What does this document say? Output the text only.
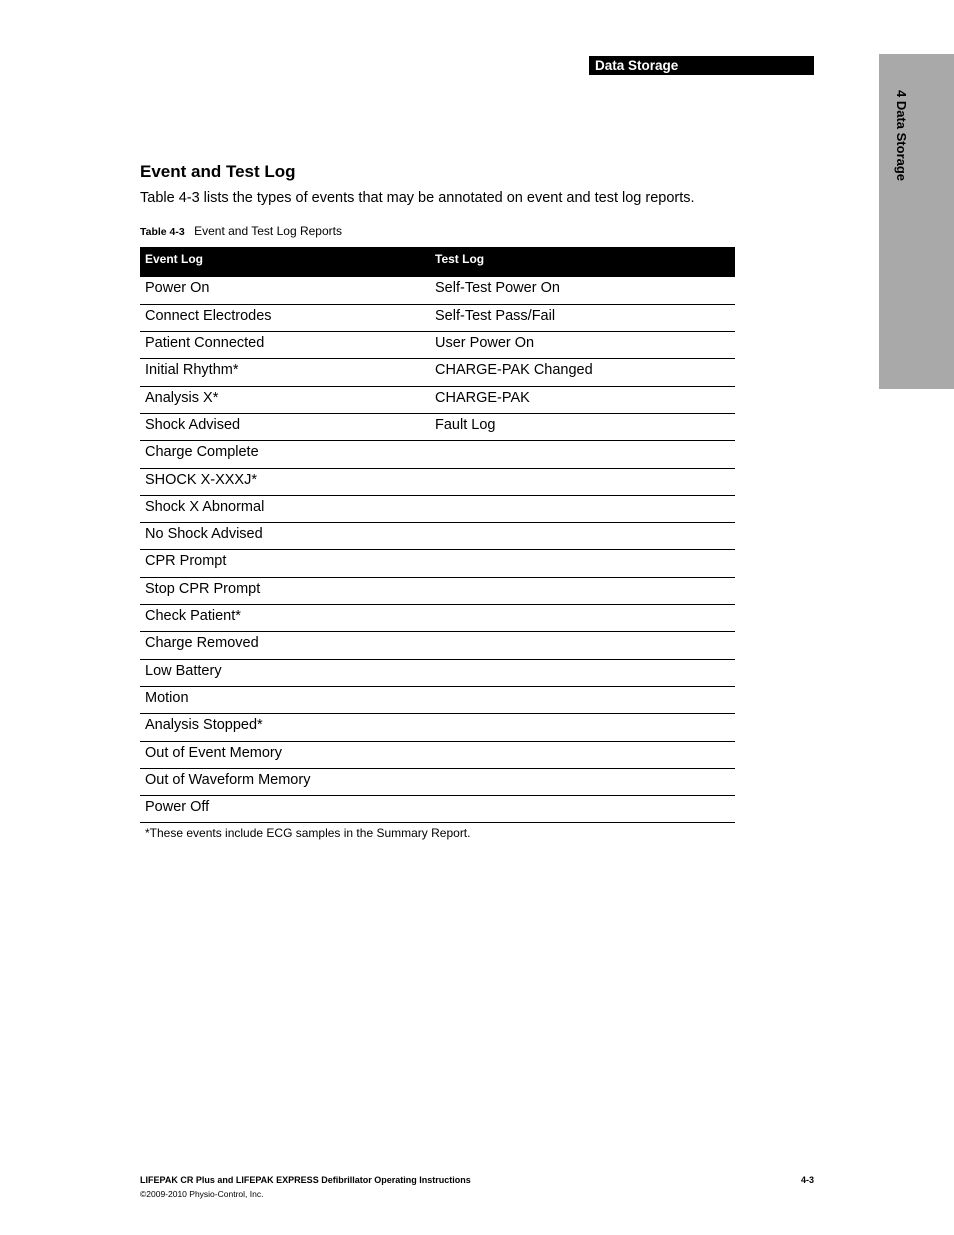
Data Storage
4 Data Storage
Event and Test Log
Table 4-3 lists the types of events that may be annotated on event and test log reports.
Table 4-3 Event and Test Log Reports
Event Log	Test Log
Power On	Self-Test Power On
Connect Electrodes	Self-Test Pass/Fail
Patient Connected	User Power On
Initial Rhythm*	CHARGE-PAK Changed
Analysis X*	CHARGE-PAK
Shock Advised	Fault Log
Charge Complete	
SHOCK X-XXXJ*	
Shock X Abnormal	
No Shock Advised	
CPR Prompt	
Stop CPR Prompt	
Check Patient*	
Charge Removed	
Low Battery	
Motion	
Analysis Stopped*	
Out of Event Memory	
Out of Waveform Memory	
Power Off	
*These events include ECG samples in the Summary Report.
LIFEPAK CR Plus and LIFEPAK EXPRESS Defibrillator Operating Instructions
©2009-2010 Physio-Control, Inc.
4-3
